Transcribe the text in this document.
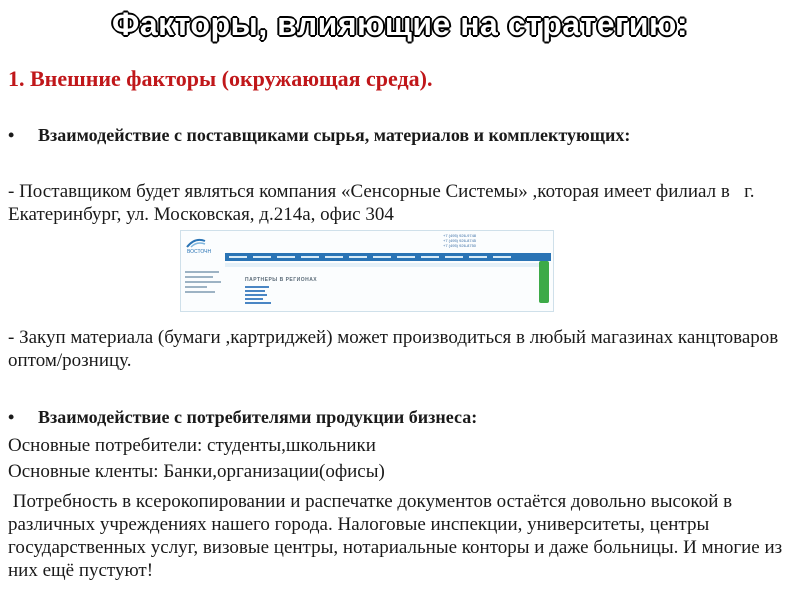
Факторы, влияющие на стратегию:
1. Внешние факторы (окружающая среда).
• Взаимодействие с поставщиками сырья, материалов и комплектующих:
- Поставщиком будет являться компания «Сенсорные Системы» ,которая имеет филиал в   г. Екатеринбург, ул. Московская, д.214а, офис 304
ВОСТОЧН
+7 (495) 926-9748
+7 (495) 926-8745
+7 (495) 926-8750
ПАРТНЕРЫ В РЕГИОНАХ
- Закуп материала (бумаги ,картриджей) может производиться в любый магазинах канцтоваров оптом/розницу.
• Взаимодействие с потребителями продукции бизнеса:
Основные потребители: студенты,школьники
Основные кленты: Банки,организации(офисы)
Потребность в ксерокопировании и распечатке документов остаётся довольно высокой в различных учреждениях нашего города. Налоговые инспекции, университеты, центры государственных услуг, визовые центры, нотариальные конторы и даже больницы. И многие из них ещё пустуют!
